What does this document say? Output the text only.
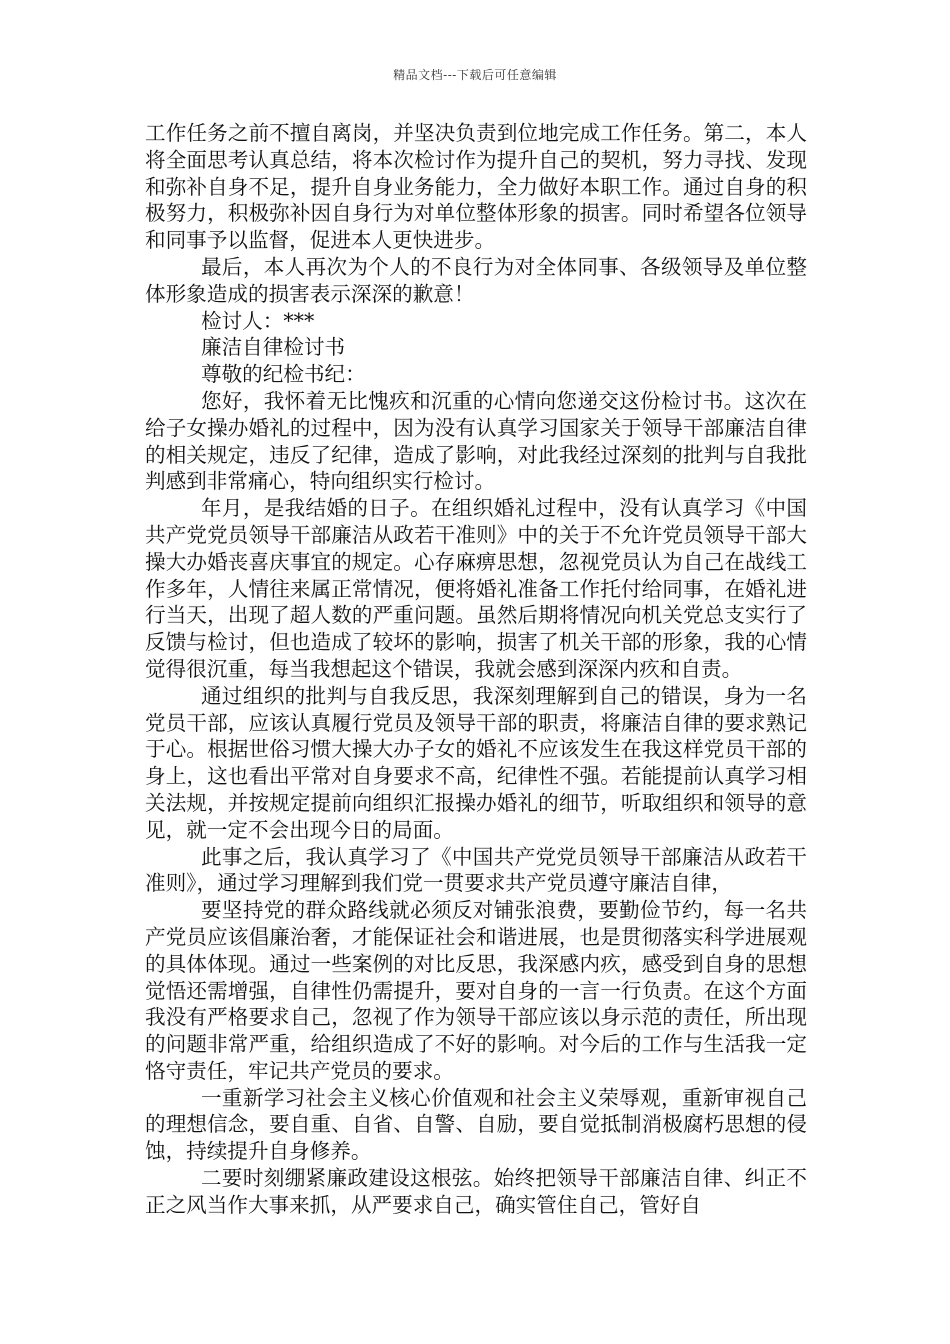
精品文档---下载后可任意编辑

工作任务之前不擅自离岗，并坚决负责到位地完成工作任务。第二，本人将全面思考认真总结，将本次检讨作为提升自己的契机，努力寻找、发现和弥补自身不足，提升自身业务能力，全力做好本职工作。通过自身的积极努力，积极弥补因自身行为对单位整体形象的损害。同时希望各位领导和同事予以监督，促进本人更快进步。

最后，本人再次为个人的不良行为对全体同事、各级领导及单位整体形象造成的损害表示深深的歉意！

检讨人：***

廉洁自律检讨书

尊敬的纪检书纪：

您好，我怀着无比愧疚和沉重的心情向您递交这份检讨书。这次在给子女操办婚礼的过程中，因为没有认真学习国家关于领导干部廉洁自律的相关规定，违反了纪律，造成了影响，对此我经过深刻的批判与自我批判感到非常痛心，特向组织实行检讨。

年月，是我结婚的日子。在组织婚礼过程中，没有认真学习《中国共产党党员领导干部廉洁从政若干准则》中的关于不允许党员领导干部大操大办婚丧喜庆事宜的规定。心存麻痹思想，忽视党员认为自己在战线工作多年，人情往来属正常情况，便将婚礼准备工作托付给同事，在婚礼进行当天，出现了超人数的严重问题。虽然后期将情况向机关党总支实行了反馈与检讨，但也造成了较坏的影响，损害了机关干部的形象，我的心情觉得很沉重，每当我想起这个错误，我就会感到深深内疚和自责。

通过组织的批判与自我反思，我深刻理解到自己的错误，身为一名党员干部，应该认真履行党员及领导干部的职责，将廉洁自律的要求熟记于心。根据世俗习惯大操大办子女的婚礼不应该发生在我这样党员干部的身上，这也看出平常对自身要求不高，纪律性不强。若能提前认真学习相关法规，并按规定提前向组织汇报操办婚礼的细节，听取组织和领导的意见，就一定不会出现今日的局面。

此事之后，我认真学习了《中国共产党党员领导干部廉洁从政若干准则》，通过学习理解到我们党一贯要求共产党员遵守廉洁自律，

要坚持党的群众路线就必须反对铺张浪费，要勤俭节约，每一名共产党员应该倡廉治奢，才能保证社会和谐进展，也是贯彻落实科学进展观的具体体现。通过一些案例的对比反思，我深感内疚，感受到自身的思想觉悟还需增强，自律性仍需提升，要对自身的一言一行负责。在这个方面我没有严格要求自己，忽视了作为领导干部应该以身示范的责任，所出现的问题非常严重，给组织造成了不好的影响。对今后的工作与生活我一定恪守责任，牢记共产党员的要求。

一重新学习社会主义核心价值观和社会主义荣辱观，重新审视自己的理想信念，要自重、自省、自警、自励，要自觉抵制消极腐朽思想的侵蚀，持续提升自身修养。

二要时刻绷紧廉政建设这根弦。始终把领导干部廉洁自律、纠正不正之风当作大事来抓，从严要求自己，确实管住自己，管好自
